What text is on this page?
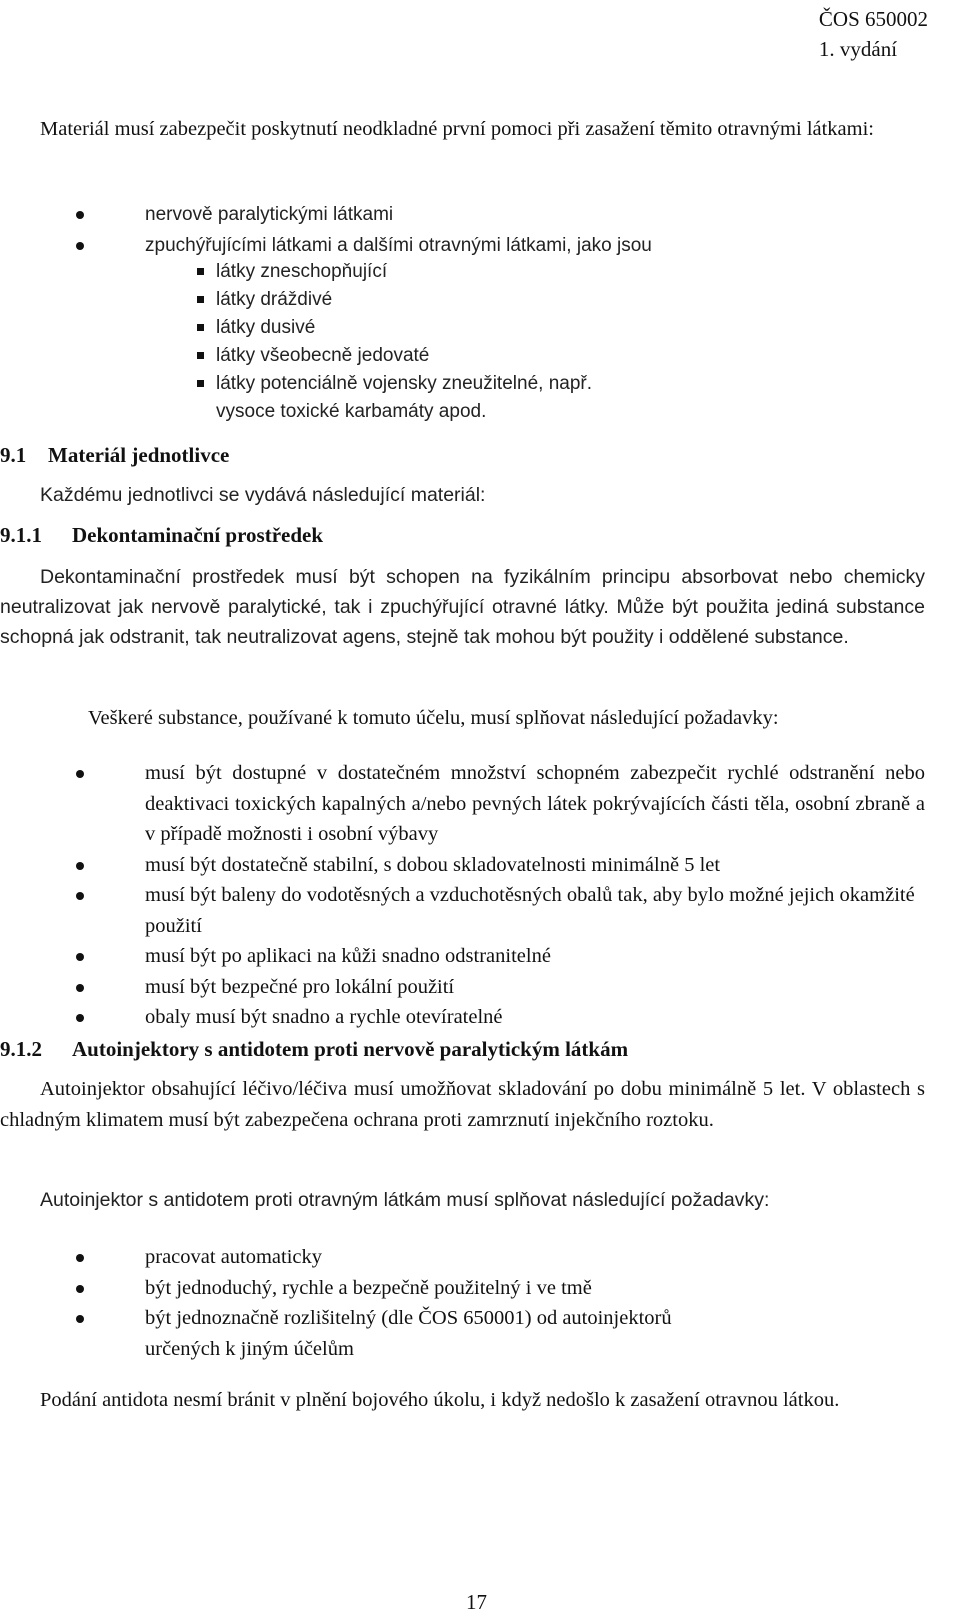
ČOS 650002
1. vydání

Materiál musí zabezpečit poskytnutí neodkladné první pomoci při zasažení těmito otravnými látkami:

nervově paralytickými látkami
zpuchýřujícími látkami a dalšími otravnými látkami, jako jsou
látky zneschopňující
látky dráždivé
látky dusivé
látky všeobecně jedovaté
látky potenciálně vojensky zneužitelné, např. vysoce toxické karbamáty apod.
9.1 Materiál jednotlivce

Každému jednotlivci se vydává následující materiál:

9.1.1 Dekontaminační prostředek

Dekontaminační prostředek musí být schopen na fyzikálním principu absorbovat nebo chemicky neutralizovat jak nervově paralytické, tak i zpuchýřující otravné látky. Může být použita jediná substance schopná jak odstranit, tak neutralizovat agens, stejně tak mohou být použity i oddělené substance.

Veškeré substance, používané k tomuto účelu, musí splňovat následující požadavky:

musí být dostupné v dostatečném množství schopném zabezpečit rychlé odstranění nebo deaktivaci toxických kapalných a/nebo pevných látek pokrývajících části těla, osobní zbraně a v případě možnosti i osobní výbavy
musí být dostatečně stabilní, s dobou skladovatelnosti minimálně 5 let
musí být baleny do vodotěsných a vzduchotěsných obalů tak, aby bylo možné jejich okamžité použití
musí být po aplikaci na kůži snadno odstranitelné
musí být bezpečné pro lokální použití
obaly musí být snadno a rychle otevíratelné
9.1.2 Autoinjektory s antidotem proti nervově paralytickým látkám

Autoinjektor obsahující léčivo/léčiva musí umožňovat skladování po dobu minimálně 5 let. V oblastech s chladným klimatem musí být zabezpečena ochrana proti zamrznutí injekčního roztoku.

Autoinjektor s antidotem proti otravným látkám musí splňovat následující požadavky:

pracovat automaticky
být jednoduchý, rychle a bezpečně použitelný i ve tmě
být jednoznačně rozlišitelný (dle ČOS 650001) od autoinjektorů určených k jiným účelům

Podání antidota nesmí bránit v plnění bojového úkolu, i když nedošlo k zasažení otravnou látkou.

17
